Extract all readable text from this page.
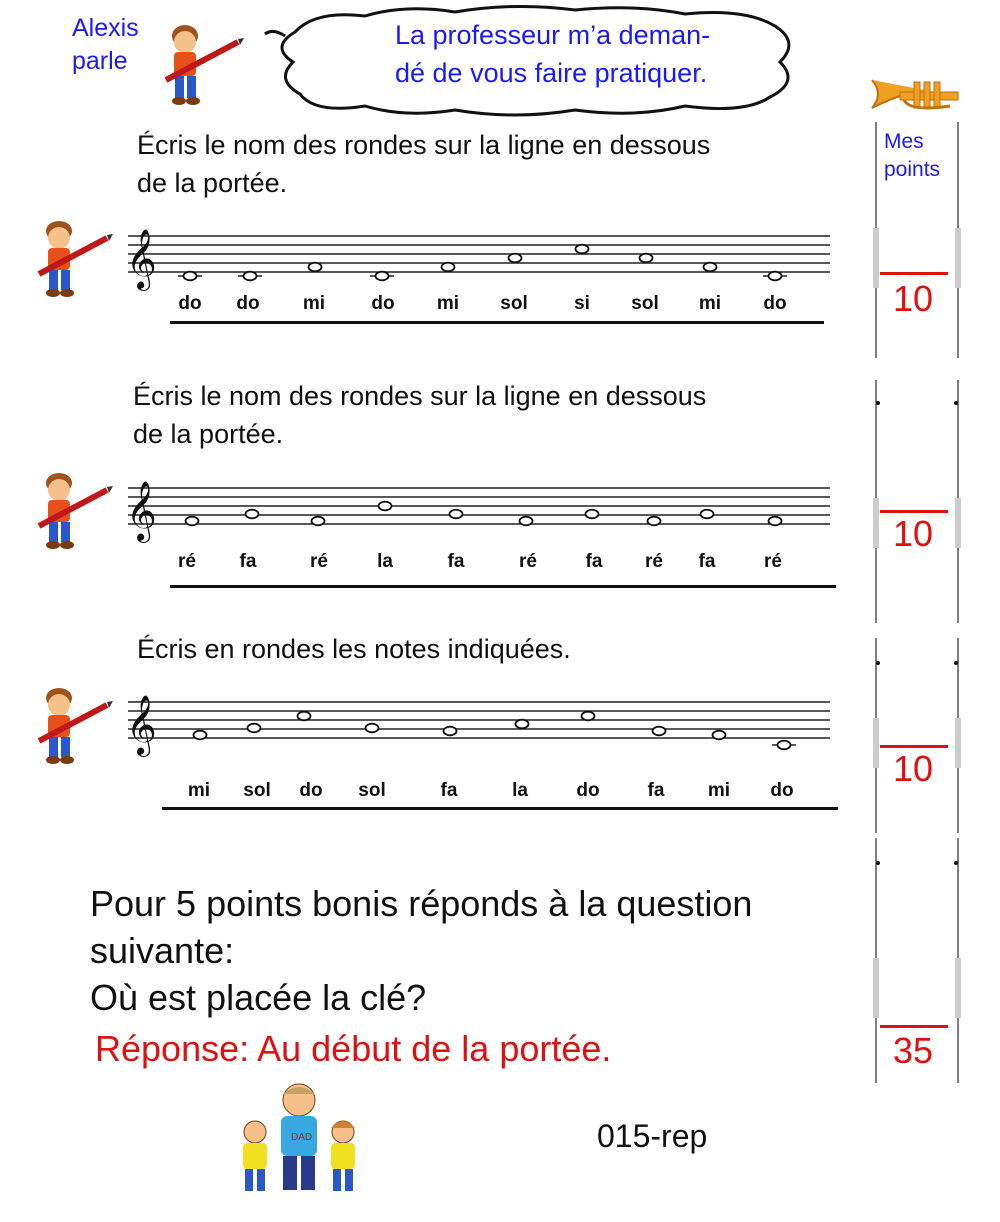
Alexis
parle
La professeur m’a deman-
dé de vous faire pratiquer.
Mes
points
10
10
10
35
Écris le nom des rondes sur la ligne en dessous
de la portée.
𝄞
do do mi do mi sol si sol mi do
Écris le nom des rondes sur la ligne en dessous
de la portée.
𝄞
ré fa	ré	la	fa	ré	fa ré fa	ré
Écris en rondes les notes indiquées.
𝄞
mi sol do sol	fa	la	do	fa mi do
Pour 5 points bonis réponds à la question
suivante:
Où est placée la clé?
Réponse: Au début de la portée.
DAD	015-rep
